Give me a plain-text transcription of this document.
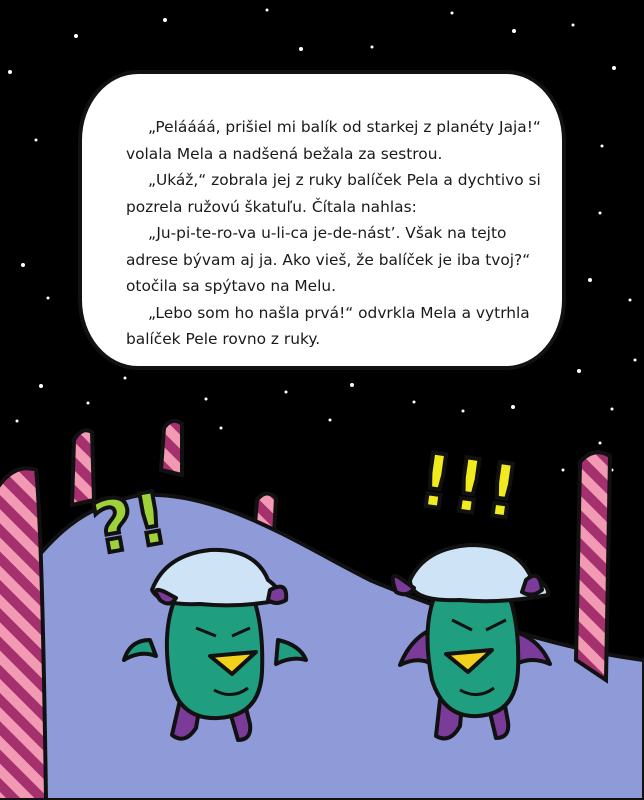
?!	!!!

„Peláááá, prišiel mi balík od starkej z planéty Jaja!“ volala Mela a nadšená bežala za sestrou.

„Ukáž,“ zobrala jej z ruky balíček Pela a dychtivo si pozrela ružovú škatuľu. Čítala nahlas:

„Ju-pi-te-ro-va u-li-ca je-de-nást’. Však na tejto adrese bývam aj ja. Ako vieš, že balíček je iba tvoj?“ otočila sa spýtavo na Melu.

„Lebo som ho našla prvá!“ odvrkla Mela a vytrhla balíček Pele rovno z ruky.
